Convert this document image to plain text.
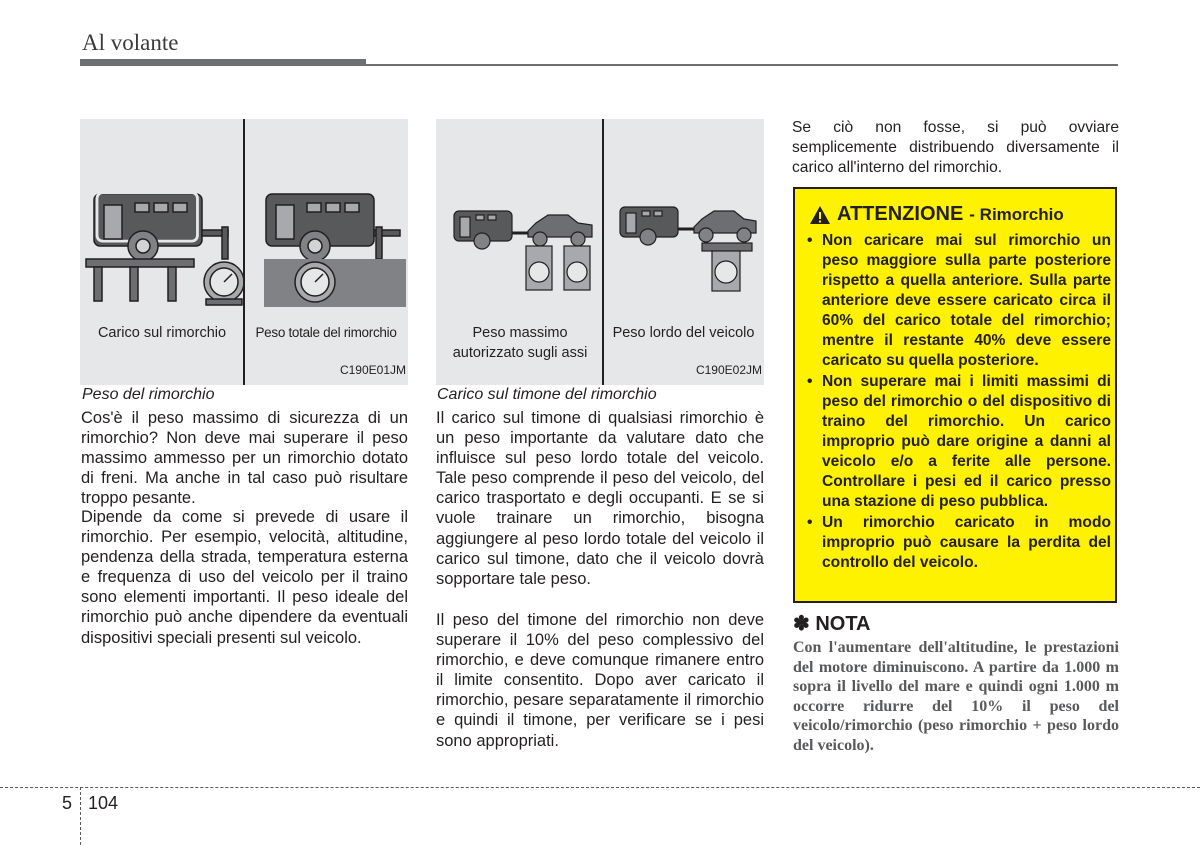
Al volante
Carico sul rimorchio	Peso totale del rimorchio
C190E01JM
Peso massimo autorizzato sugli assi
Peso lordo del veicolo
C190E02JM
Peso del rimorchio

Cos'è il peso massimo di sicurezza di un rimorchio? Non deve mai superare il peso massimo ammesso per un rimorchio dotato di freni. Ma anche in tal caso può risultare troppo pesante.

Dipende da come si prevede di usare il rimorchio. Per esempio, velocità, altitudine, pendenza della strada, temperatura esterna e frequenza di uso del veicolo per il traino sono elementi importanti. Il peso ideale del rimorchio può anche dipendere da eventuali dispositivi speciali presenti sul veicolo.

Carico sul timone del rimorchio

Il carico sul timone di qualsiasi rimorchio è un peso importante da valutare dato che influisce sul peso lordo totale del veicolo. Tale peso comprende il peso del veicolo, del carico trasportato e degli occupanti. E se si vuole trainare un rimorchio, bisogna aggiungere al peso lordo totale del veicolo il carico sul timone, dato che il veicolo dovrà sopportare tale peso.

Il peso del timone del rimorchio non deve superare il 10% del peso complessivo del rimorchio, e deve comunque rimanere entro il limite consentito. Dopo aver caricato il rimorchio, pesare separatamente il rimorchio e quindi il timone, per verificare se i pesi sono appropriati.

Se ciò non fosse, si può ovviare semplicemente distribuendo diversamente il carico all'interno del rimorchio.

ATTENZIONE - Rimorchio
• Non caricare mai sul rimorchio un peso maggiore sulla parte posteriore rispetto a quella anteriore. Sulla parte anteriore deve essere caricato circa il 60% del carico totale del rimorchio; mentre il restante 40% deve essere caricato su quella posteriore.
• Non superare mai i limiti massimi di peso del rimorchio o del dispositivo di traino del rimorchio. Un carico improprio può dare origine a danni al veicolo e/o a ferite alle persone. Controllare i pesi ed il carico presso una stazione di peso pubblica.
• Un rimorchio caricato in modo improprio può causare la perdita del controllo del veicolo.
✽ NOTA

Con l'aumentare dell'altitudine, le prestazioni del motore diminuiscono. A partire da 1.000 m sopra il livello del mare e quindi ogni 1.000 m occorre ridurre del 10% il peso del veicolo/rimorchio (peso rimorchio + peso lordo del veicolo).

5 104
